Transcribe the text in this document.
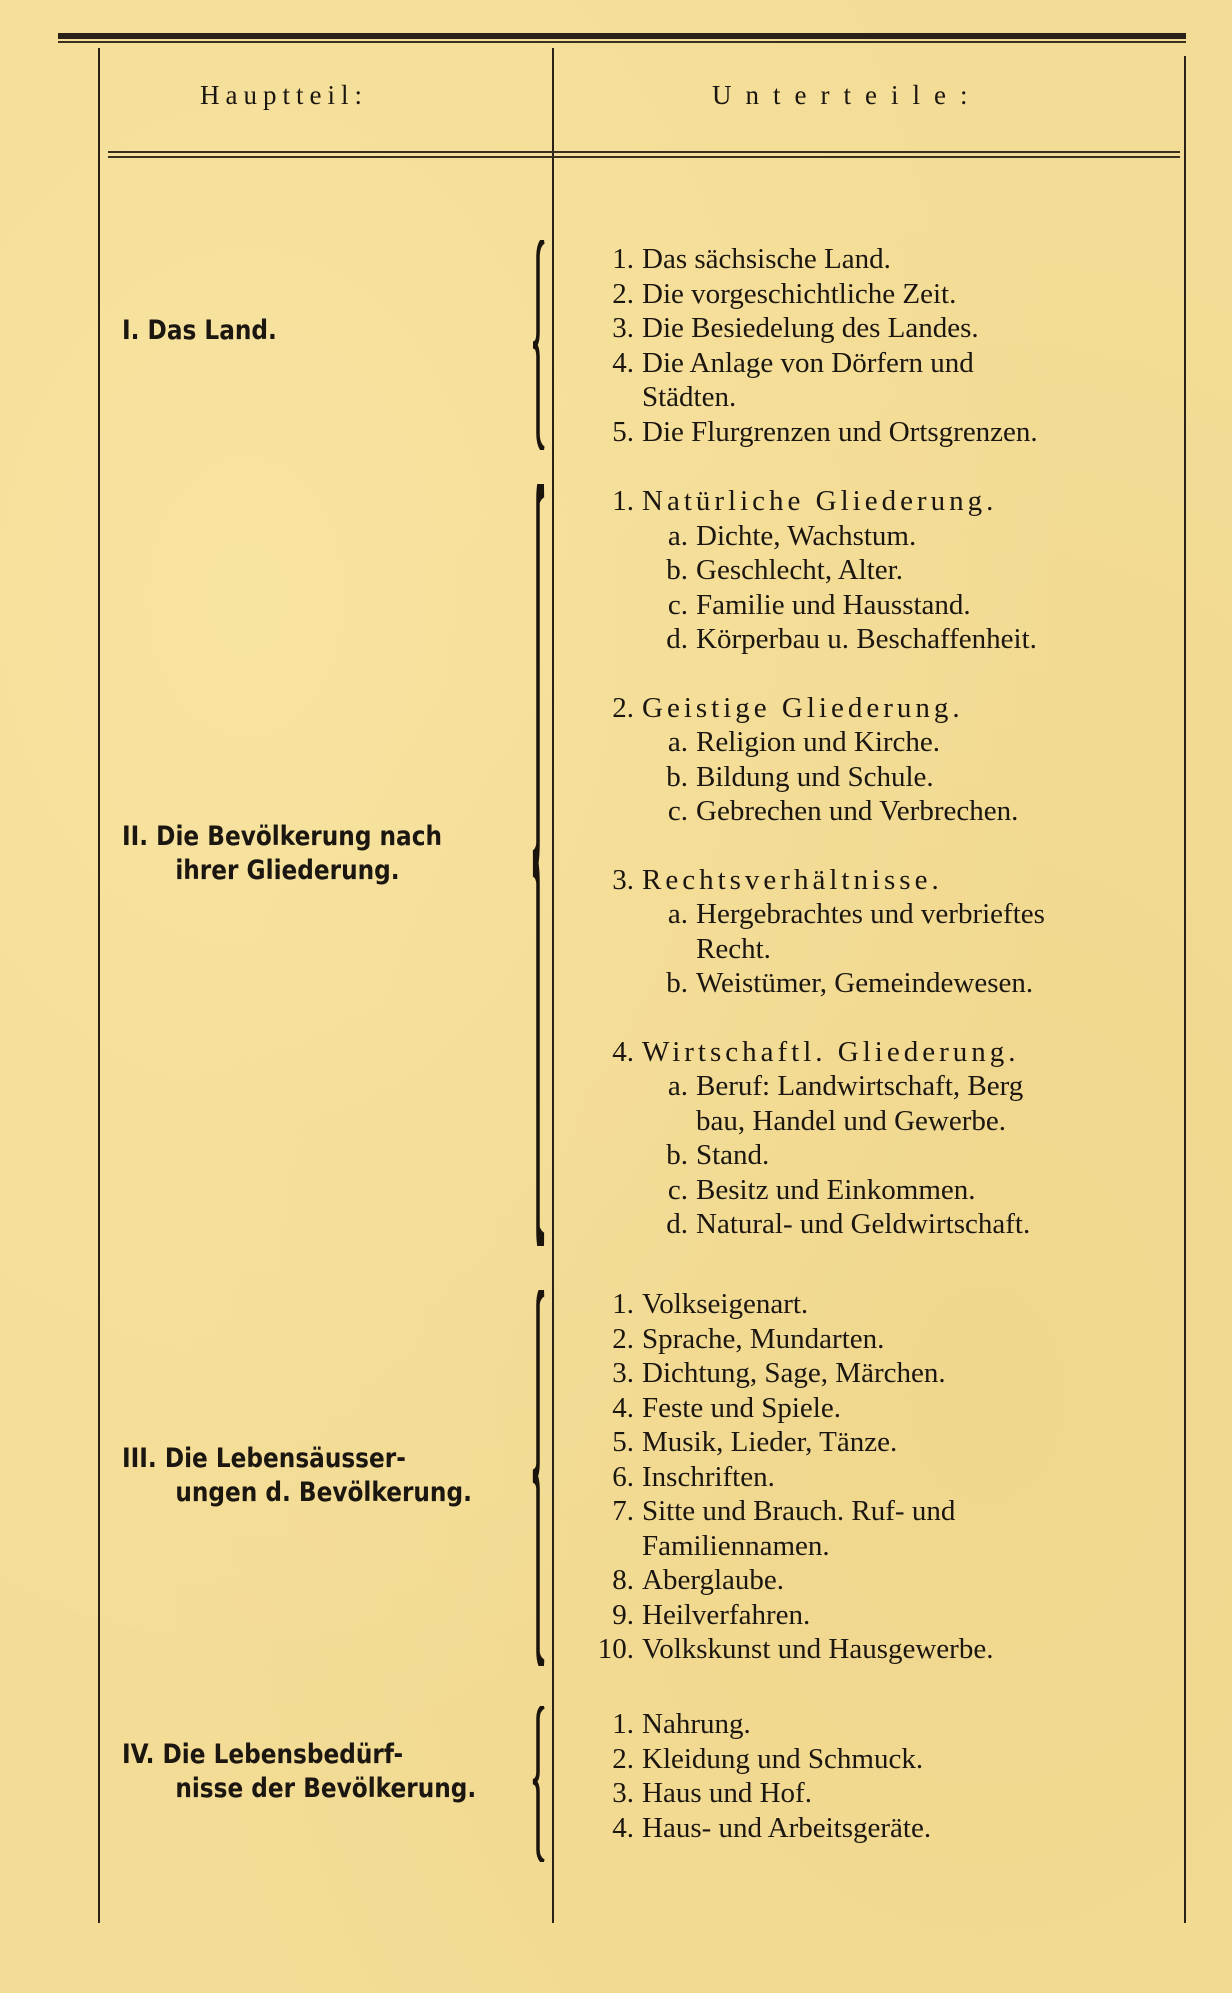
Hauptteil:	Unterteile:
I. Das Land.
1. Das sächsische Land.
2. Die vorgeschichtliche Zeit.
3. Die Besiedelung des Landes.
4. Die Anlage von Dörfern und
Städten.
5. Die Flurgrenzen und Ortsgrenzen.
II. Die Bevölkerung nach
ihrer Gliederung.
1. Natürliche Gliederung.
a. Dichte, Wachstum.
b. Geschlecht, Alter.
c. Familie und Hausstand.
d. Körperbau u. Beschaffenheit.
2. Geistige Gliederung.
a. Religion und Kirche.
b. Bildung und Schule.
c. Gebrechen und Verbrechen.
3. Rechtsverhältnisse.
a. Hergebrachtes und verbrieftes
Recht.
b. Weistümer, Gemeindewesen.
4. Wirtschaftl. Gliederung.
a. Beruf: Landwirtschaft, Berg
bau, Handel und Gewerbe.
b. Stand.
c. Besitz und Einkommen.
d. Natural- und Geldwirtschaft.
III. Die Lebensäusser-
ungen d. Bevölkerung.
1. Volkseigenart.
2. Sprache, Mundarten.
3. Dichtung, Sage, Märchen.
4. Feste und Spiele.
5. Musik, Lieder, Tänze.
6. Inschriften.
7. Sitte und Brauch. Ruf- und
Familiennamen.
8. Aberglaube.
9. Heilverfahren.
10. Volkskunst und Hausgewerbe.
IV. Die Lebensbedürf-
nisse der Bevölkerung.
1. Nahrung.
2. Kleidung und Schmuck.
3. Haus und Hof.
4. Haus- und Arbeitsgeräte.
